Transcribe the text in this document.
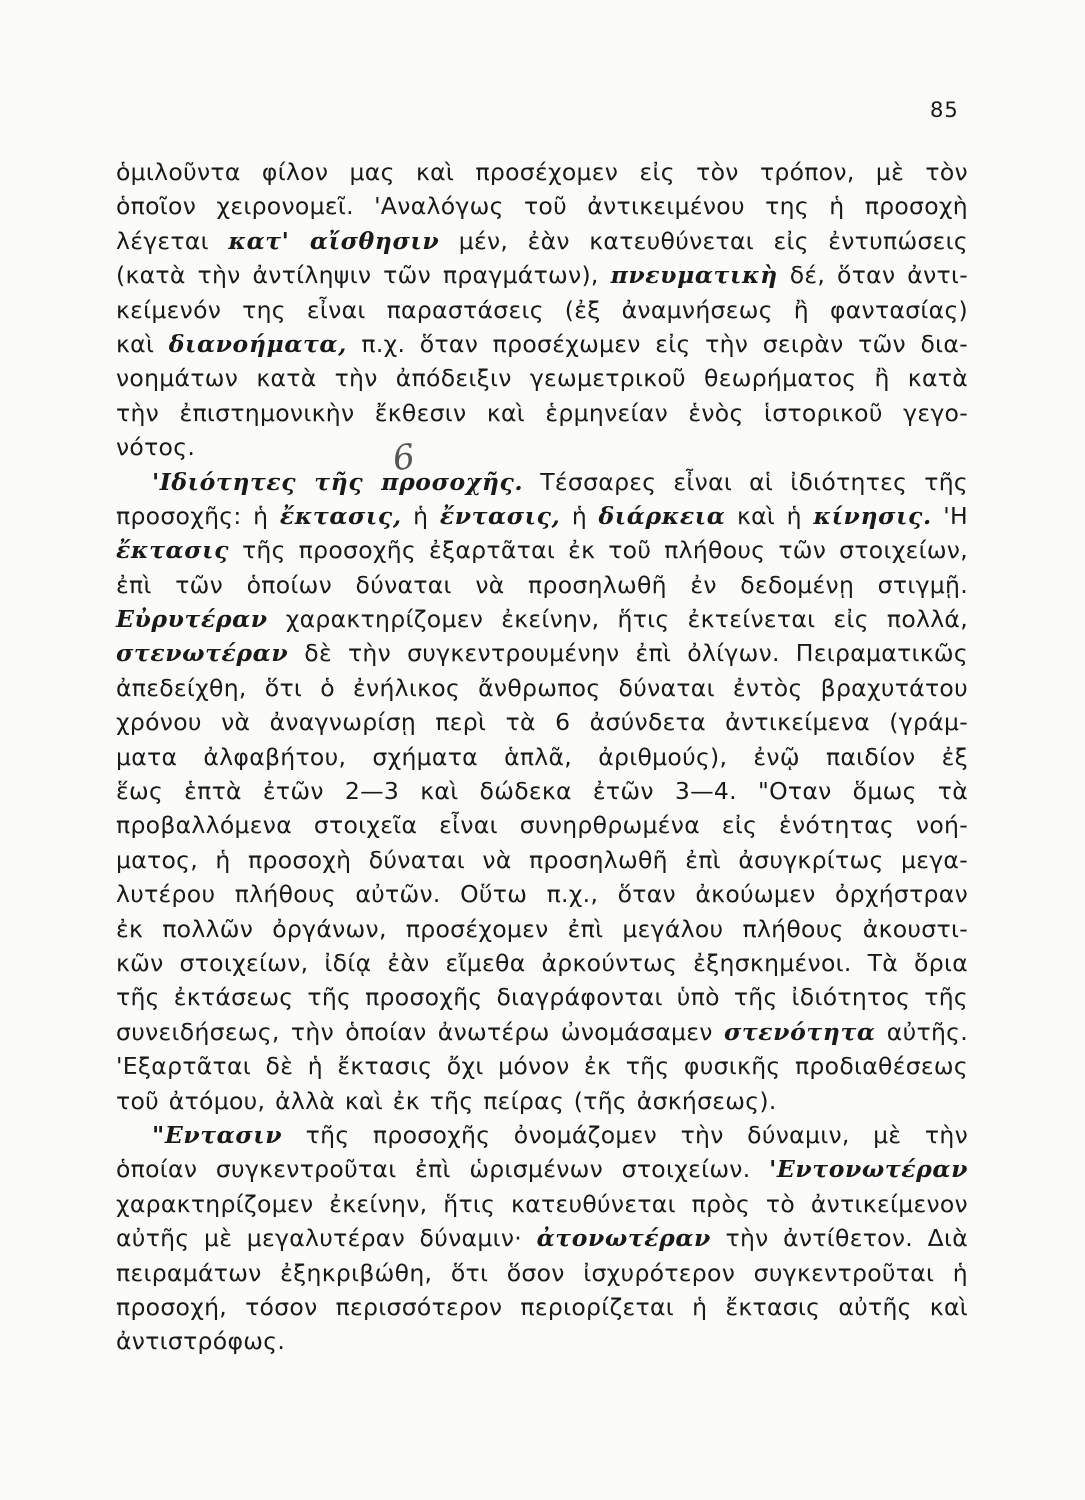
85
6
ὁμιλοῦντα φίλον μας καὶ προσέχομεν εἰς τὸν τρόπον, μὲ τὸν
ὁποῖον χειρονομεῖ. 'Αναλόγως τοῦ ἀντικειμένου της ἡ προσοχὴ
λέγεται κατ' αἴσθησιν μέν, ἐὰν κατευθύνεται εἰς ἐντυπώσεις
(κατὰ τὴν ἀντίληψιν τῶν πραγμάτων), πνευματικὴ δέ, ὅταν ἀντι-
κείμενόν της εἶναι παραστάσεις (ἐξ ἀναμνήσεως ἢ φαντασίας)
καὶ διανοήματα, π.χ. ὅταν προσέχωμεν εἰς τὴν σειρὰν τῶν δια-
νοημάτων κατὰ τὴν ἀπόδειξιν γεωμετρικοῦ θεωρήματος ἢ κατὰ
τὴν ἐπιστημονικὴν ἔκθεσιν καὶ ἑρμηνείαν ἑνὸς ἱστορικοῦ γεγο-
νότος.
'Ιδιότητες τῆς προσοχῆς. Τέσσαρες εἶναι αἱ ἰδιότητες τῆς
προσοχῆς: ἡ ἔκτασις, ἡ ἔντασις, ἡ διάρκεια καὶ ἡ κίνησις. 'Η
ἔκτασις τῆς προσοχῆς ἐξαρτᾶται ἐκ τοῦ πλήθους τῶν στοιχείων,
ἐπὶ τῶν ὁποίων δύναται νὰ προσηλωθῆ ἐν δεδομένῃ στιγμῇ.
Εὐρυτέραν χαρακτηρίζομεν ἐκείνην, ἥτις ἐκτείνεται εἰς πολλά,
στενωτέραν δὲ τὴν συγκεντρουμένην ἐπὶ ὀλίγων. Πειραματικῶς
ἀπεδείχθη, ὅτι ὁ ἐνήλικος ἄνθρωπος δύναται ἐντὸς βραχυτάτου
χρόνου νὰ ἀναγνωρίσῃ περὶ τὰ 6 ἀσύνδετα ἀντικείμενα (γράμ-
ματα ἀλφαβήτου, σχήματα ἁπλᾶ, ἀριθμούς), ἐνῷ παιδίον ἐξ
ἕως ἑπτὰ ἐτῶν 2—3 καὶ δώδεκα ἐτῶν 3—4. "Οταν ὅμως τὰ
προβαλλόμενα στοιχεῖα εἶναι συνηρθρωμένα εἰς ἑνότητας νοή-
ματος, ἡ προσοχὴ δύναται νὰ προσηλωθῆ ἐπὶ ἀσυγκρίτως μεγα-
λυτέρου πλήθους αὐτῶν. Οὕτω π.χ., ὅταν ἀκούωμεν ὀρχήστραν
ἐκ πολλῶν ὀργάνων, προσέχομεν ἐπὶ μεγάλου πλήθους ἀκουστι-
κῶν στοιχείων, ἰδίᾳ ἐὰν εἴμεθα ἀρκούντως ἐξησκημένοι. Τὰ ὅρια
τῆς ἐκτάσεως τῆς προσοχῆς διαγράφονται ὑπὸ τῆς ἰδιότητος τῆς
συνειδήσεως, τὴν ὁποίαν ἀνωτέρω ὠνομάσαμεν στενότητα αὐτῆς.
'Εξαρτᾶται δὲ ἡ ἔκτασις ὄχι μόνον ἐκ τῆς φυσικῆς προδιαθέσεως
τοῦ ἀτόμου, ἀλλὰ καὶ ἐκ τῆς πείρας (τῆς ἀσκήσεως).
"Εντασιν τῆς προσοχῆς ὀνομάζομεν τὴν δύναμιν, μὲ τὴν
ὁποίαν συγκεντροῦται ἐπὶ ὡρισμένων στοιχείων. 'Εντονωτέραν
χαρακτηρίζομεν ἐκείνην, ἥτις κατευθύνεται πρὸς τὸ ἀντικείμενον
αὐτῆς μὲ μεγαλυτέραν δύναμιν· ἀτονωτέραν τὴν ἀντίθετον. Διὰ
πειραμάτων ἐξηκριβώθη, ὅτι ὅσον ἰσχυρότερον συγκεντροῦται ἡ
προσοχή, τόσον περισσότερον περιορίζεται ἡ ἔκτασις αὐτῆς καὶ
ἀντιστρόφως.
